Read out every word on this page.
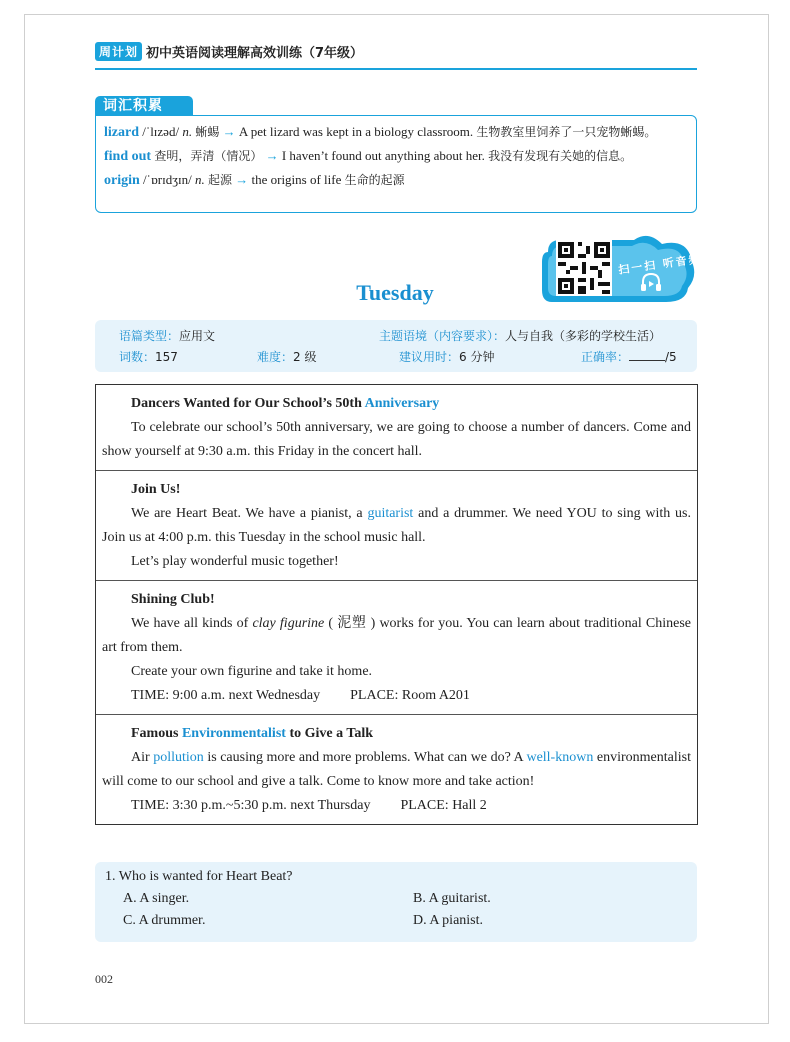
周计划 初中英语阅读理解高效训练（7年级）
词汇积累
lizard /ˈlɪzəd/ n. 蜥蜴 → A pet lizard was kept in a biology classroom. 生物教室里饲养了一只宠物蜥蜴。
find out 查明，弄清（情况） → I haven’t found out anything about her. 我没有发现有关她的信息。
origin /ˈɒrɪdʒɪn/ n. 起源 → the origins of life 生命的起源
扫一扫 听音频
Tuesday
语篇类型：应用文	主题语境（内容要求）：人与自我（多彩的学校生活）
词数：157	难度：2 级	建议用时：6 分钟	正确率：	/5
Dancers Wanted for Our School’s 50th Anniversary
To celebrate our school’s 50th anniversary, we are going to choose a number of dancers. Come and show yourself at 9:30 a.m. this Friday in the concert hall.
Join Us!
We are Heart Beat. We have a pianist, a guitarist and a drummer. We need YOU to sing with us. Join us at 4:00 p.m. this Tuesday in the school music hall.
Let’s play wonderful music together!
Shining Club!
We have all kinds of clay figurine ( 泥塑 ) works for you. You can learn about traditional Chinese art from them.
Create your own figurine and take it home.
TIME: 9:00 a.m. next Wednesday PLACE: Room A201
Famous Environmentalist to Give a Talk
Air pollution is causing more and more problems. What can we do? A well-known environmentalist will come to our school and give a talk. Come to know more and take action!
TIME: 3:30 p.m.~5:30 p.m. next Thursday PLACE: Hall 2
1. Who is wanted for Heart Beat?
A. A singer.	B. A guitarist.
C. A drummer.	D. A pianist.
002
